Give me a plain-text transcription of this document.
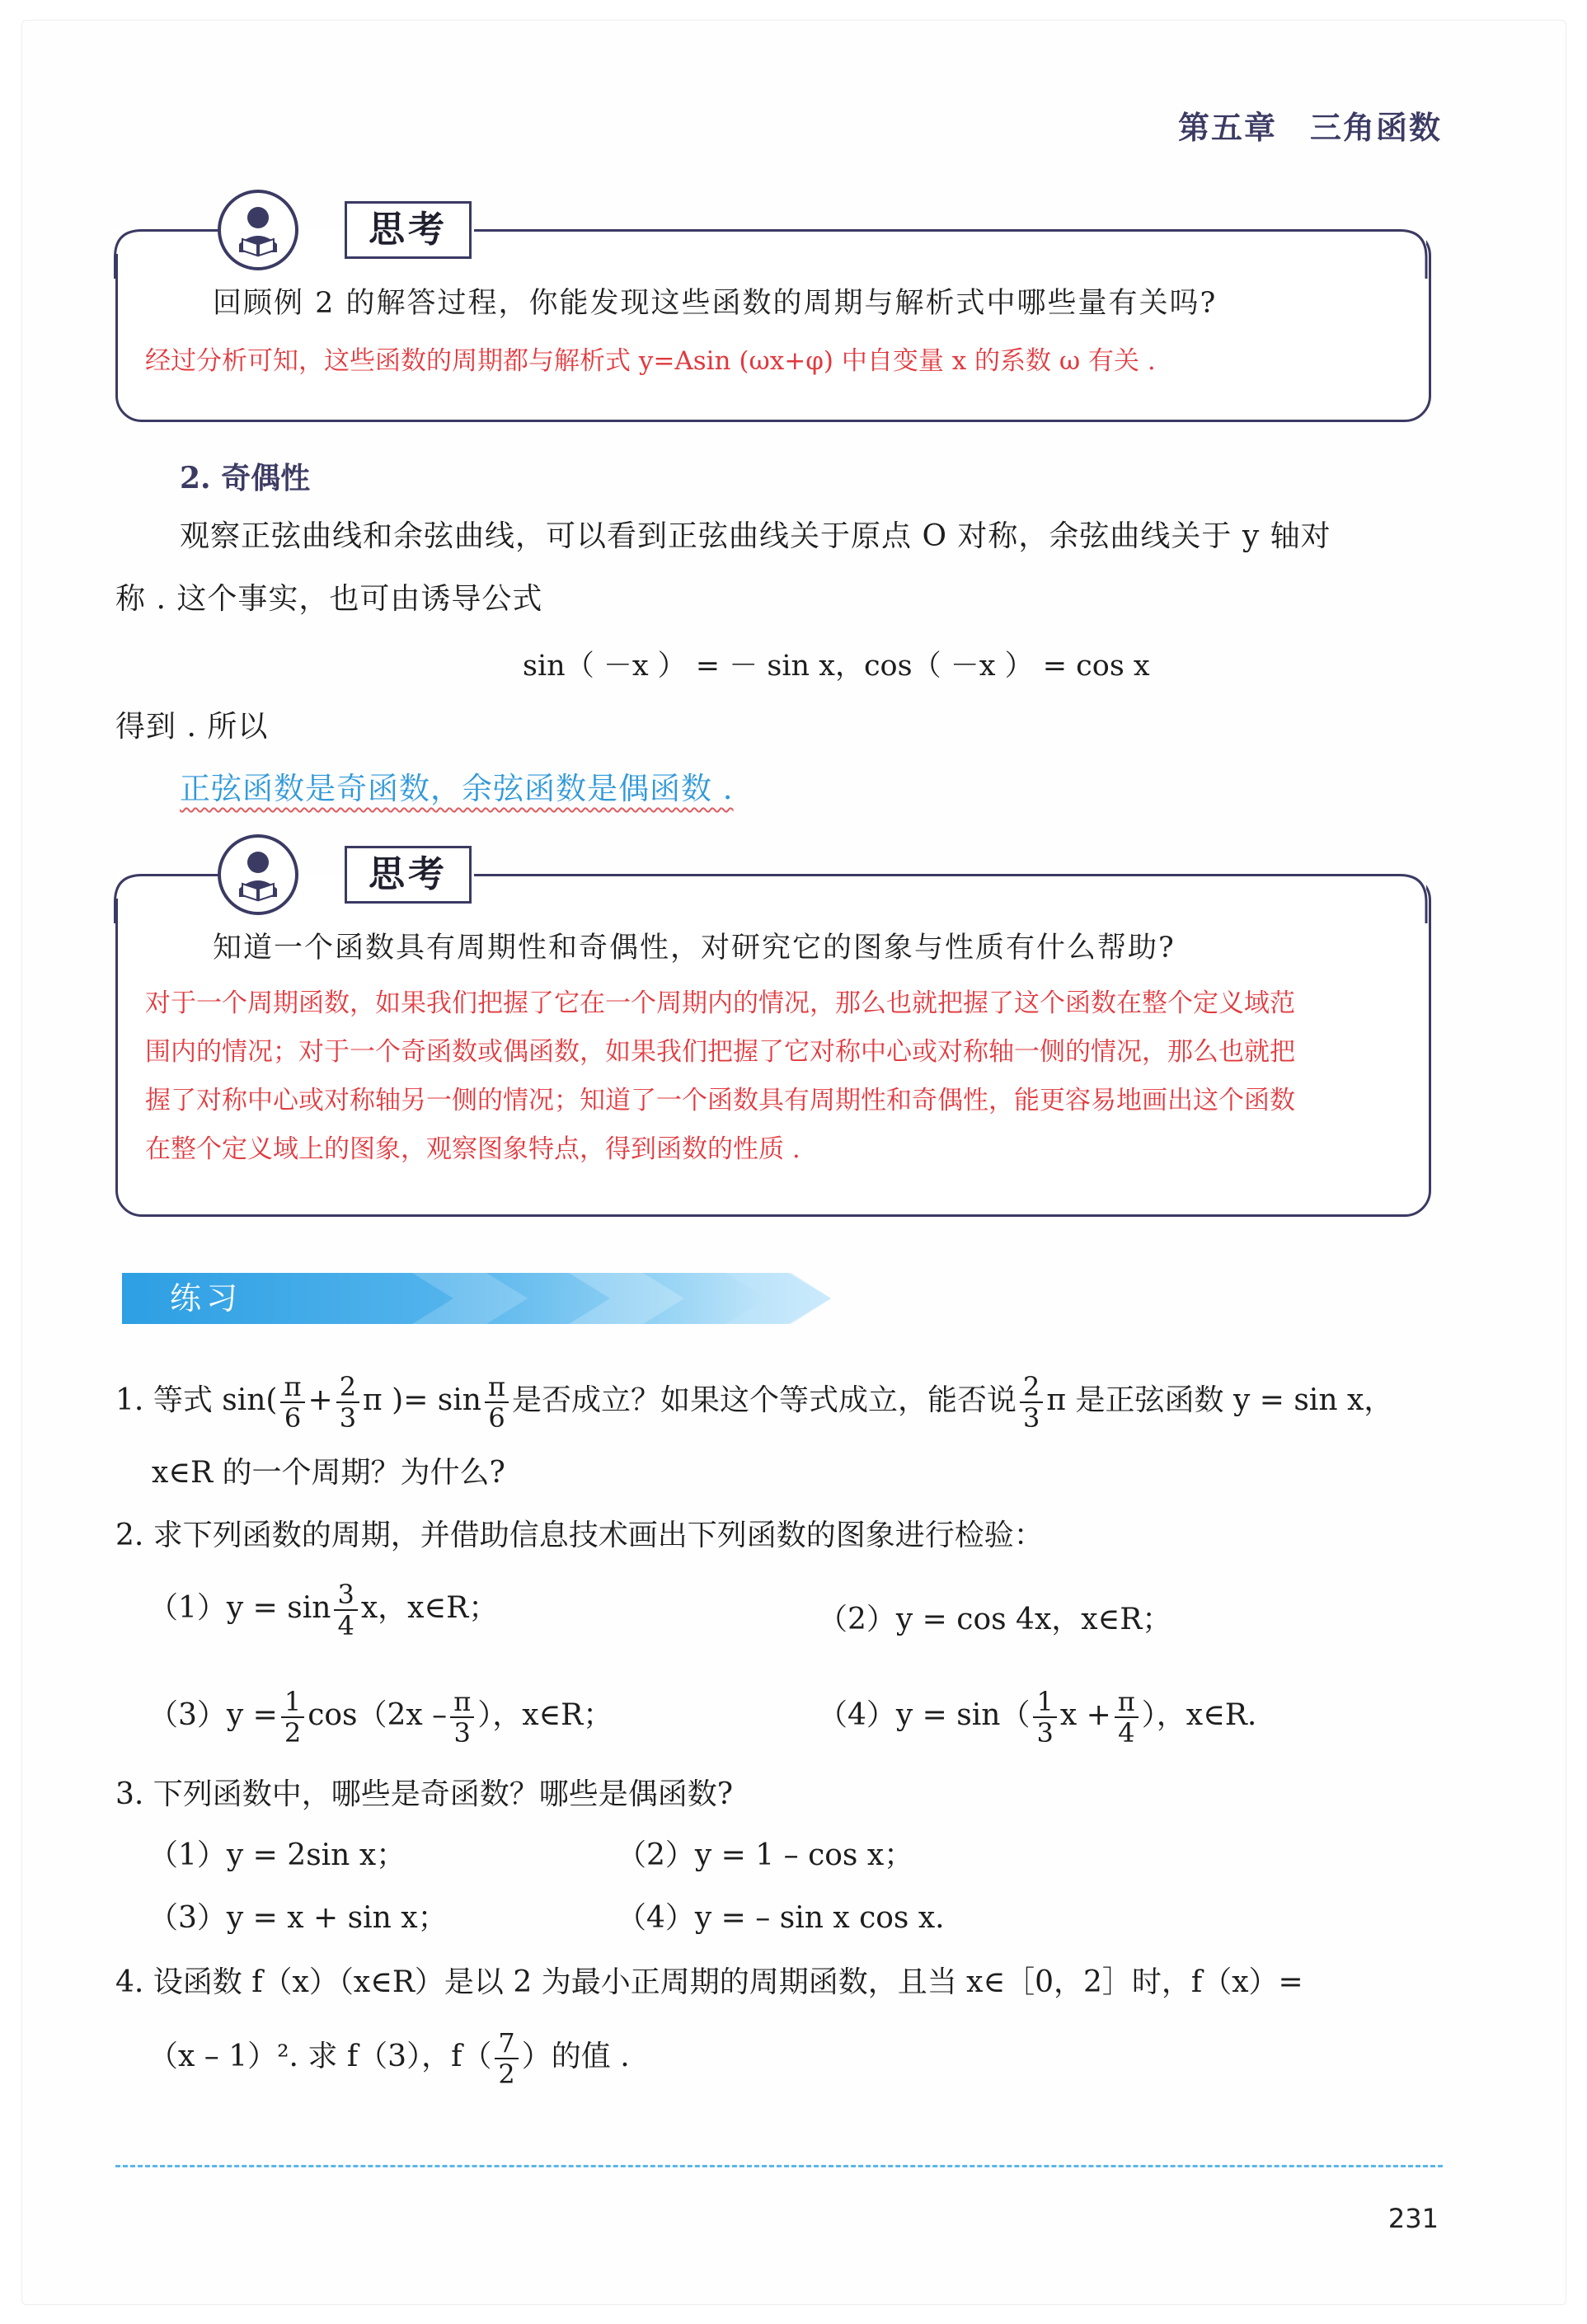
第五章 三角函数
思考
回顾例 2 的解答过程，你能发现这些函数的周期与解析式中哪些量有关吗?
经过分析可知，这些函数的周期都与解析式 y=Asin (ωx+φ) 中自变量 x 的系数 ω 有关 .
2. 奇偶性
观察正弦曲线和余弦曲线，可以看到正弦曲线关于原点 O 对称，余弦曲线关于 y 轴对
称 . 这个事实，也可由诱导公式
sin（ －x ） = － sin x，cos（ －x ） = cos x
得到 . 所以
正弦函数是奇函数，余弦函数是偶函数 .
思考
知道一个函数具有周期性和奇偶性，对研究它的图象与性质有什么帮助?
对于一个周期函数，如果我们把握了它在一个周期内的情况，那么也就把握了这个函数在整个定义域范
围内的情况；对于一个奇函数或偶函数，如果我们把握了它对称中心或对称轴一侧的情况，那么也就把
握了对称中心或对称轴另一侧的情况；知道了一个函数具有周期性和奇偶性，能更容易地画出这个函数
在整个定义域上的图象，观察图象特点，得到函数的性质 .
练习
1. 等式 $\sin( \frac{\pi}{6} + \frac{2}{3}$ π )= $\sin \frac{\pi}{6}$ 是否成立？如果这个等式成立，能否说 $\frac{2}{3}$ π 是正弦函数 y = sin x，
x∈R 的一个周期？为什么?
2. 求下列函数的周期，并借助信息技术画出下列函数的图象进行检验：
$(1)y = \sin \frac{3}{4}$ x，x∈R；	（2）y = cos 4x，x∈R；
$(3)y = \frac{1}{2} \cos(2x - \frac{\pi}{3}$ ），x∈R；	$(4)y = \sin( \frac{1}{3}$ $x + \frac{\pi}{4}$ ），x∈R.
3. 下列函数中，哪些是奇函数？哪些是偶函数?
（1）y = 2sin x；	（2）y = 1 – cos x；
（3）y = x + sin x；	（4）y = – sin x cos x.
4. 设函数 f（x）（x∈R）是以 2 为最小正周期的周期函数，且当 x∈［0，2］时，f（x）=
（x – 1）². 求 f（3），$f( \frac{7}{2}$ ）的值 .
231
